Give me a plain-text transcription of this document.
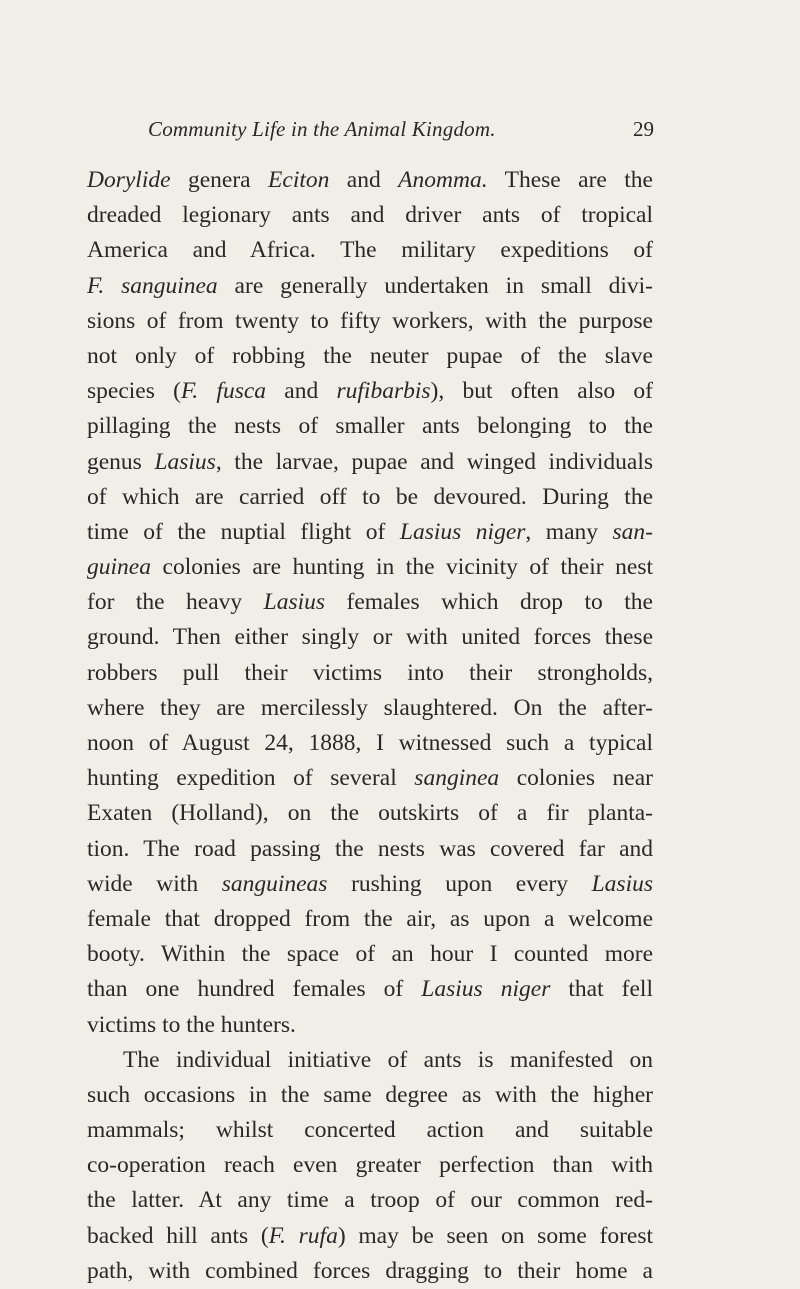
Community Life in the Animal Kingdom.	29
Dorylide genera Eciton and Anomma. These are the
dreaded legionary ants and driver ants of tropical
America and Africa. The military expeditions of
F. sanguinea are generally undertaken in small divi-
sions of from twenty to fifty workers, with the purpose
not only of robbing the neuter pupae of the slave
species (F. fusca and rufibarbis), but often also of
pillaging the nests of smaller ants belonging to the
genus Lasius, the larvae, pupae and winged individuals
of which are carried off to be devoured. During the
time of the nuptial flight of Lasius niger, many san-
guinea colonies are hunting in the vicinity of their nest
for the heavy Lasius females which drop to the
ground. Then either singly or with united forces these
robbers pull their victims into their strongholds,
where they are mercilessly slaughtered. On the after-
noon of August 24, 1888, I witnessed such a typical
hunting expedition of several sanginea colonies near
Exaten (Holland), on the outskirts of a fir planta-
tion. The road passing the nests was covered far and
wide with sanguineas rushing upon every Lasius
female that dropped from the air, as upon a welcome
booty. Within the space of an hour I counted more
than one hundred females of Lasius niger that fell
victims to the hunters.
The individual initiative of ants is manifested on
such occasions in the same degree as with the higher
mammals; whilst concerted action and suitable
co-operation reach even greater perfection than with
the latter. At any time a troop of our common red-
backed hill ants (F. rufa) may be seen on some forest
path, with combined forces dragging to their home a
